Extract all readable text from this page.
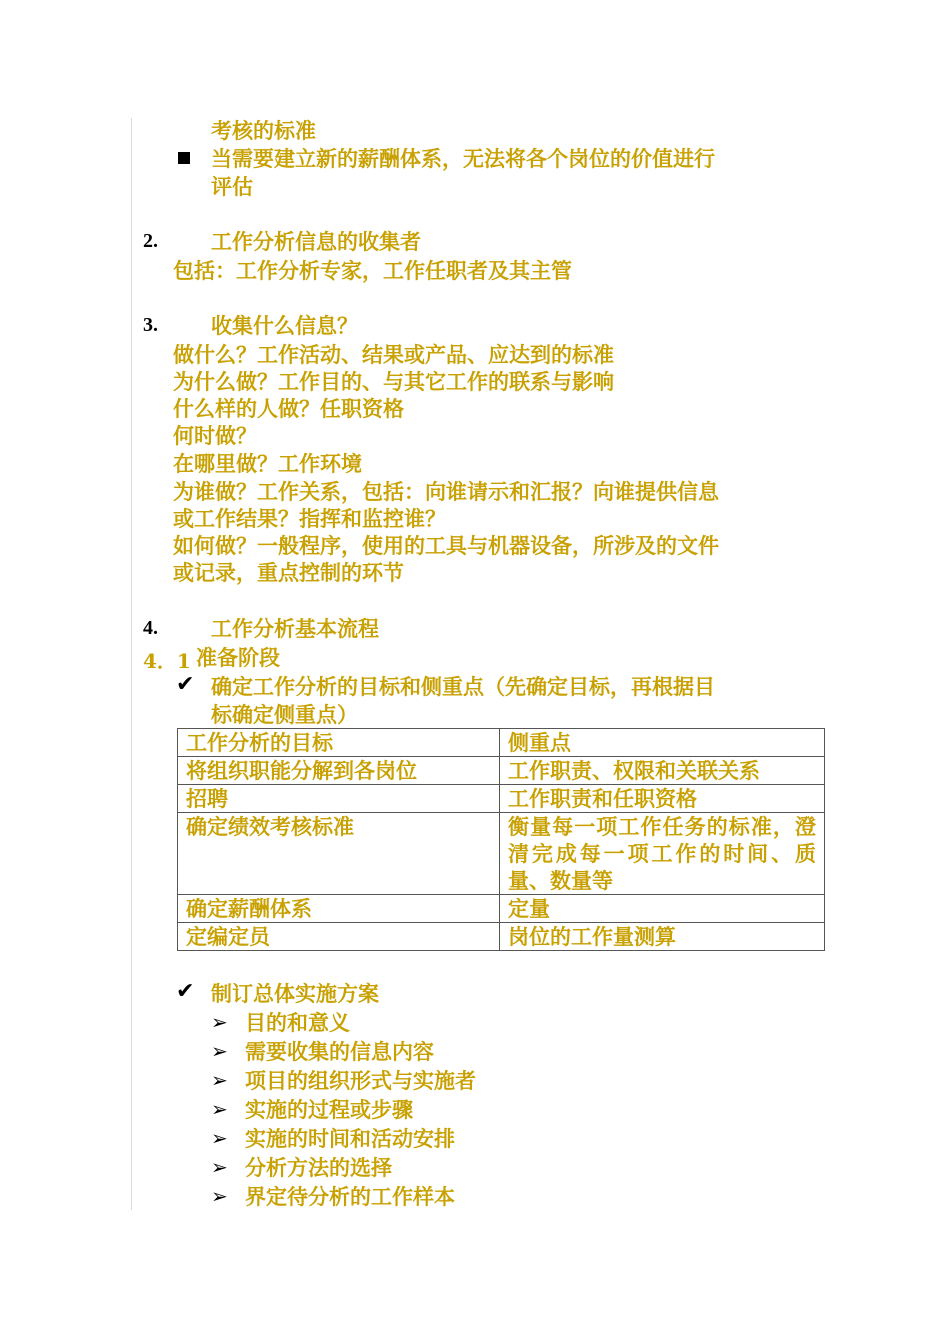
考核的标准
当需要建立新的薪酬体系，无法将各个岗位的价值进行
评估
2.	工作分析信息的收集者
包括：工作分析专家，工作任职者及其主管
3.	收集什么信息？
做什么？工作活动、结果或产品、应达到的标准
为什么做？工作目的、与其它工作的联系与影响
什么样的人做？任职资格
何时做？
在哪里做？工作环境
为谁做？工作关系，包括：向谁请示和汇报？向谁提供信息
或工作结果？指挥和监控谁？
如何做？一般程序，使用的工具与机器设备，所涉及的文件
或记录，重点控制的环节
4.	工作分析基本流程
4．1 准备阶段
✔ 确定工作分析的目标和侧重点（先确定目标，再根据目
标确定侧重点）
工作分析的目标	侧重点
将组织职能分解到各岗位	工作职责、权限和关联关系
招聘	工作职责和任职资格
确定绩效考核标准	衡量每一项工作任务的标准，澄清完成每一项工作的时间、质量、数量等
确定薪酬体系	定量
定编定员	岗位的工作量测算
✔ 制订总体实施方案
➢ 目的和意义
➢ 需要收集的信息内容
➢ 项目的组织形式与实施者
➢ 实施的过程或步骤
➢ 实施的时间和活动安排
➢ 分析方法的选择
➢ 界定待分析的工作样本
